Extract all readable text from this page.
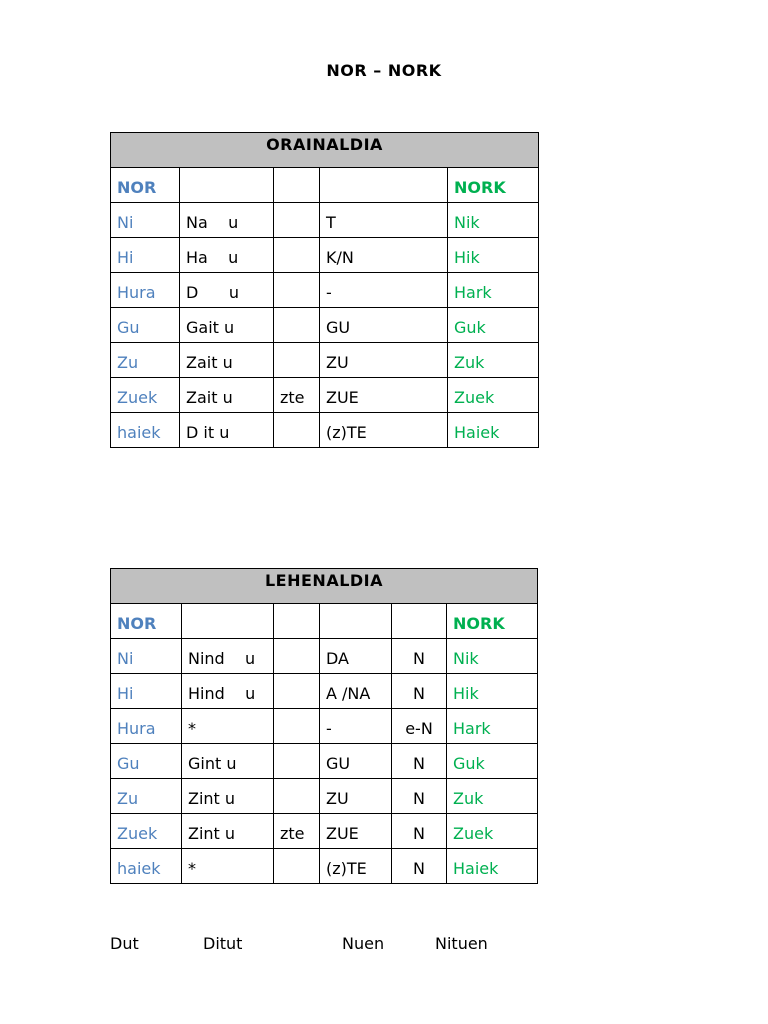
NOR – NORK
ORAINALDIA				
NOR				NORK
Ni	Na    u		T	Nik
Hi	Ha    u		K/N	Hik
Hura	D      u		-	Hark
Gu	Gait u		GU	Guk
Zu	Zait u		ZU	Zuk
Zuek	Zait u	zte	ZUE	Zuek
haiek	D it u		(z)TE	Haiek
LEHENALDIA					
NOR					NORK
Ni	Nind    u		DA	N	Nik
Hi	Hind    u		A /NA	N	Hik
Hura	*		-	e-N	Hark
Gu	Gint u		GU	N	Guk
Zu	Zint u		ZU	N	Zuk
Zuek	Zint u	zte	ZUE	N	Zuek
haiek	*		(z)TE	N	Haiek
Dut	Ditut	Nuen	Nituen
